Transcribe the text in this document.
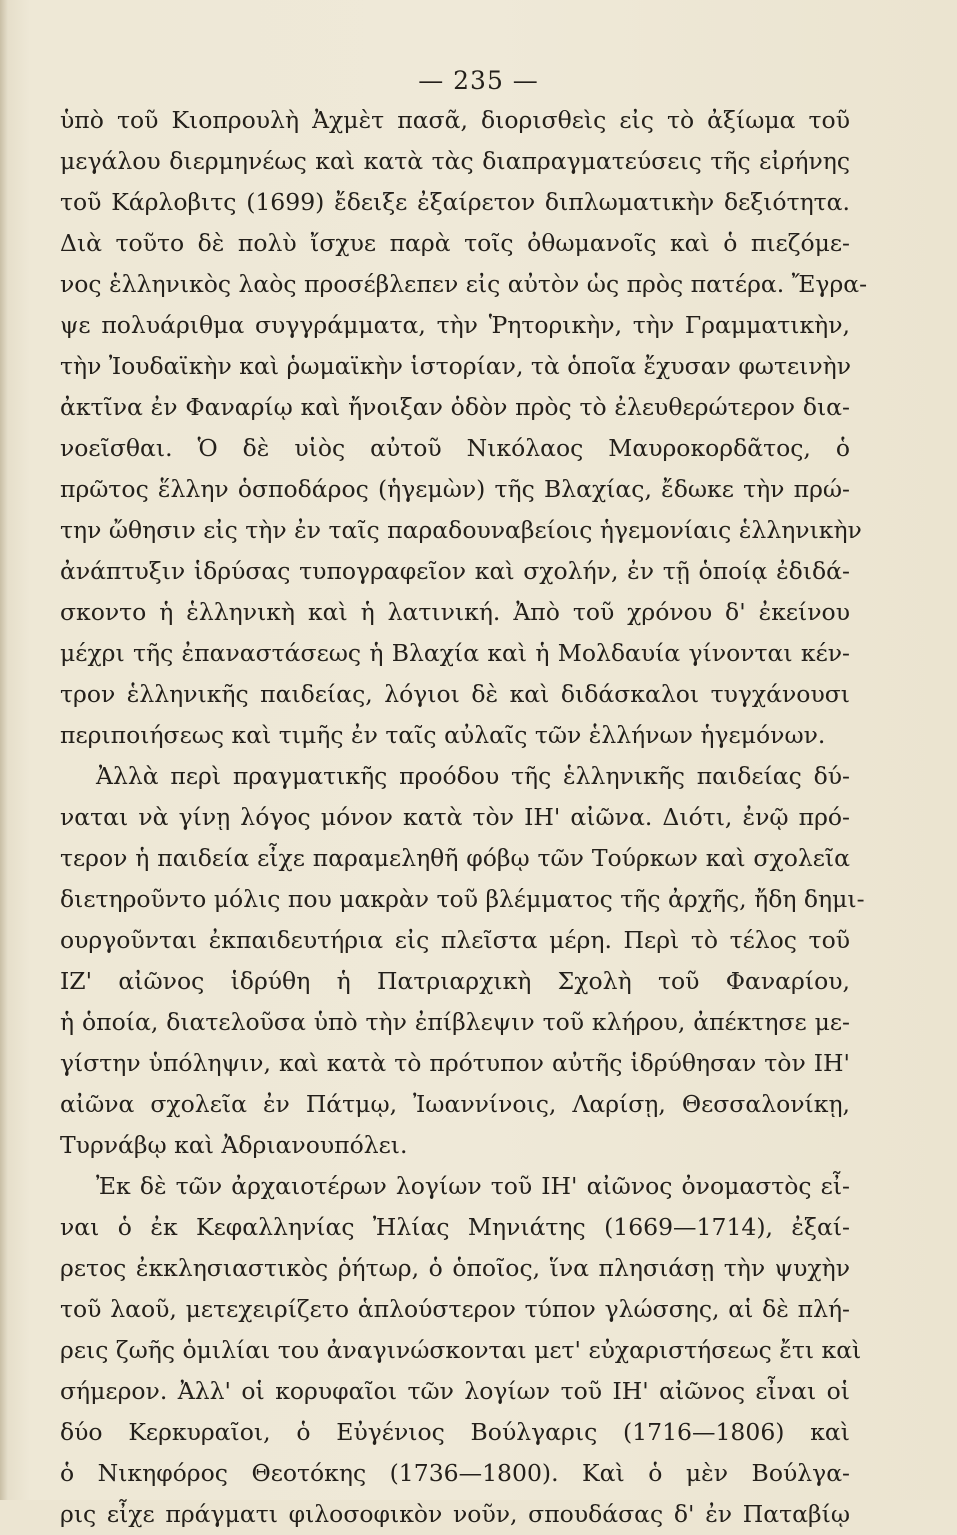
— 235 —
ὑπὸ τοῦ Κιοπρουλὴ Ἀχμὲτ πασᾶ, διορισθεὶς εἰς τὸ ἀξίωμα τοῦ
μεγάλου διερμηνέως καὶ κατὰ τὰς διαπραγματεύσεις τῆς εἰρήνης
τοῦ Κάρλοβιτς (1699) ἔδειξε ἐξαίρετον διπλωματικὴν δεξιότητα.
Διὰ τοῦτο δὲ πολὺ ἴσχυε παρὰ τοῖς ὀθωμανοῖς καὶ ὁ πιεζόμε-
νος ἑλληνικὸς λαὸς προσέβλεπεν εἰς αὐτὸν ὡς πρὸς πατέρα. Ἔγρα-
ψε πολυάριθμα συγγράμματα, τὴν Ῥητορικὴν, τὴν Γραμματικὴν,
τὴν Ἰουδαϊκὴν καὶ ῥωμαϊκὴν ἱστορίαν, τὰ ὁποῖα ἔχυσαν φωτεινὴν
ἀκτῖνα ἐν Φαναρίῳ καὶ ἤνοιξαν ὁδὸν πρὸς τὸ ἐλευθερώτερον δια-
νοεῖσθαι. Ὁ δὲ υἱὸς αὐτοῦ Νικόλαος Μαυροκορδᾶτος, ὁ
πρῶτος ἕλλην ὁσποδάρος (ἡγεμὼν) τῆς Βλαχίας, ἔδωκε τὴν πρώ-
την ὤθησιν εἰς τὴν ἐν ταῖς παραδουναβείοις ἡγεμονίαις ἑλληνικὴν
ἀνάπτυξιν ἱδρύσας τυπογραφεῖον καὶ σχολήν, ἐν τῇ ὁποίᾳ ἐδιδά-
σκοντο ἡ ἑλληνικὴ καὶ ἡ λατινική. Ἀπὸ τοῦ χρόνου δ' ἐκείνου
μέχρι τῆς ἐπαναστάσεως ἡ Βλαχία καὶ ἡ Μολδαυία γίνονται κέν-
τρον ἑλληνικῆς παιδείας, λόγιοι δὲ καὶ διδάσκαλοι τυγχάνουσι
περιποιήσεως καὶ τιμῆς ἐν ταῖς αὐλαῖς τῶν ἑλλήνων ἡγεμόνων.
Ἀλλὰ περὶ πραγματικῆς προόδου τῆς ἑλληνικῆς παιδείας δύ-
ναται νὰ γίνῃ λόγος μόνον κατὰ τὸν ΙΗ' αἰῶνα. Διότι, ἐνῷ πρό-
τερον ἡ παιδεία εἶχε παραμεληθῆ φόβῳ τῶν Τούρκων καὶ σχολεῖα
διετηροῦντο μόλις που μακρὰν τοῦ βλέμματος τῆς ἀρχῆς, ἤδη δημι-
ουργοῦνται ἐκπαιδευτήρια εἰς πλεῖστα μέρη. Περὶ τὸ τέλος τοῦ
ΙΖ' αἰῶνος ἱδρύθη ἡ Πατριαρχικὴ Σχολὴ τοῦ Φαναρίου,
ἡ ὁποία, διατελοῦσα ὑπὸ τὴν ἐπίβλεψιν τοῦ κλήρου, ἀπέκτησε με-
γίστην ὑπόληψιν, καὶ κατὰ τὸ πρότυπον αὐτῆς ἱδρύθησαν τὸν ΙΗ'
αἰῶνα σχολεῖα ἐν Πάτμῳ, Ἰωαννίνοις, Λαρίσῃ, Θεσσαλονίκῃ,
Τυρνάβῳ καὶ Ἀδριανουπόλει.
Ἐκ δὲ τῶν ἀρχαιοτέρων λογίων τοῦ ΙΗ' αἰῶνος ὀνομαστὸς εἶ-
ναι ὁ ἐκ Κεφαλληνίας Ἠλίας Μηνιάτης (1669—1714), ἐξαί-
ρετος ἐκκλησιαστικὸς ῥήτωρ, ὁ ὁποῖος, ἵνα πλησιάσῃ τὴν ψυχὴν
τοῦ λαοῦ, μετεχειρίζετο ἁπλούστερον τύπον γλώσσης, αἱ δὲ πλή-
ρεις ζωῆς ὁμιλίαι του ἀναγινώσκονται μετ' εὐχαριστήσεως ἔτι καὶ
σήμερον. Ἀλλ' οἱ κορυφαῖοι τῶν λογίων τοῦ ΙΗ' αἰῶνος εἶναι οἱ
δύο Κερκυραῖοι, ὁ Εὐγένιος Βούλγαρις (1716—1806) καὶ
ὁ Νικηφόρος Θεοτόκης (1736—1800). Καὶ ὁ μὲν Βούλγα-
ρις εἶχε πράγματι φιλοσοφικὸν νοῦν, σπουδάσας δ' ἐν Παταβίῳ
